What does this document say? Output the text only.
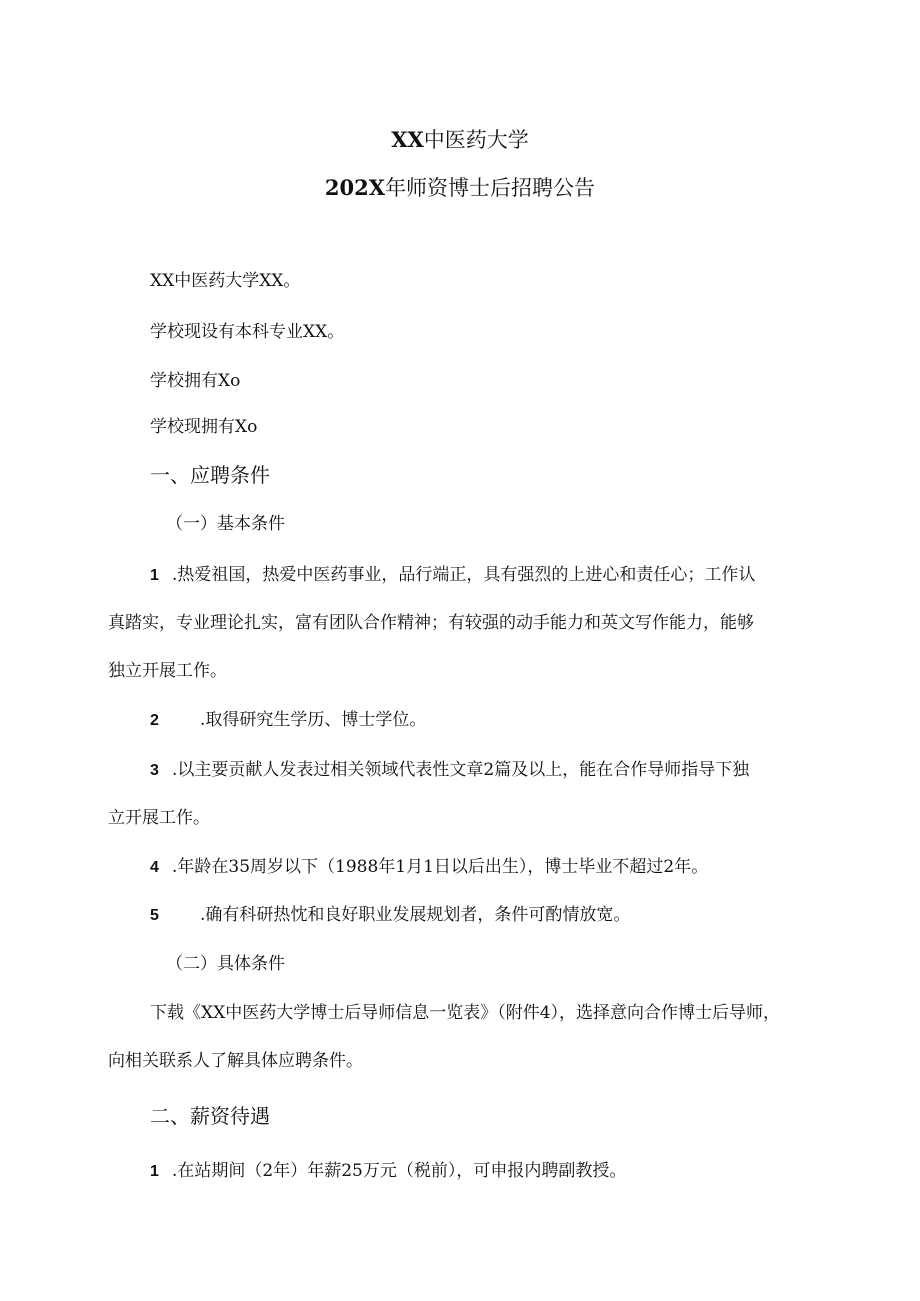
XX中医药大学
202X年师资博士后招聘公告
XX中医药大学XX。
学校现设有本科专业XX。
学校拥有Xo
学校现拥有Xo
一、应聘条件
（一）基本条件
1 .热爱祖国，热爱中医药事业，品行端正，具有强烈的上进心和责任心；工作认
真踏实，专业理论扎实，富有团队合作精神；有较强的动手能力和英文写作能力，能够
独立开展工作。
2 .取得研究生学历、博士学位。
3 .以主要贡献人发表过相关领域代表性文章2篇及以上，能在合作导师指导下独
立开展工作。
4 .年龄在35周岁以下（1988年1月1日以后出生），博士毕业不超过2年。
5 .确有科研热忱和良好职业发展规划者，条件可酌情放宽。
（二）具体条件
下载《XX中医药大学博士后导师信息一览表》（附件4），选择意向合作博士后导师，
向相关联系人了解具体应聘条件。
二、薪资待遇
1 .在站期间（2年）年薪25万元（税前），可申报内聘副教授。
